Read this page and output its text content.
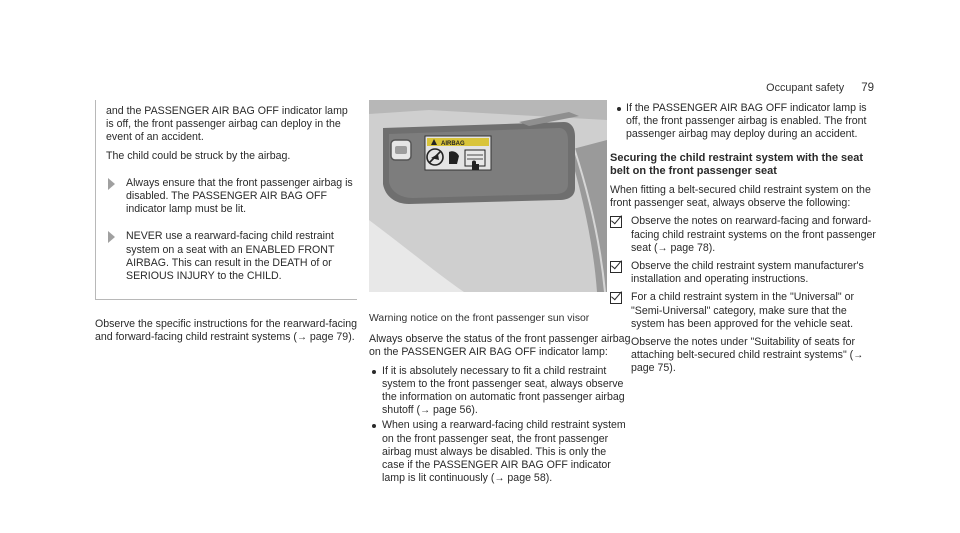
Occupant safety 79

and the PASSENGER AIR BAG OFF indicator lamp is off, the front passenger airbag can deploy in the event of an accident.

The child could be struck by the airbag.

Always ensure that the front passenger airbag is disabled. The PASSENGER AIR BAG OFF indicator lamp must be lit.
NEVER use a rearward-facing child restraint system on a seat with an ENABLED FRONT AIRBAG. This can result in the DEATH of or SERIOUS INJURY to the CHILD.

Observe the specific instructions for the rearward-facing and forward-facing child restraint systems (→ page 79).

AIRBAG
Warning notice on the front passenger sun visor

Always observe the status of the front passenger airbag on the PASSENGER AIR BAG OFF indicator lamp:

If it is absolutely necessary to fit a child restraint system to the front passenger seat, always observe the information on automatic front passenger airbag shutoff (→ page 56).
When using a rearward-facing child restraint system on the front passenger seat, the front passenger airbag must always be disabled. This is only the case if the PASSENGER AIR BAG OFF indicator lamp is lit continuously (→ page 58).
If the PASSENGER AIR BAG OFF indicator lamp is off, the front passenger airbag is enabled. The front passenger airbag may deploy during an accident.
Securing the child restraint system with the seat belt on the front passenger seat

When fitting a belt-secured child restraint system on the front passenger seat, always observe the following:

Observe the notes on rearward-facing and forward-facing child restraint systems on the front passenger seat (→ page 78).
Observe the child restraint system manufacturer's installation and operating instructions.
For a child restraint system in the "Universal" or "Semi-Universal" category, make sure that the system has been approved for the vehicle seat.
Observe the notes under "Suitability of seats for attaching belt-secured child restraint systems" (→ page 75).
